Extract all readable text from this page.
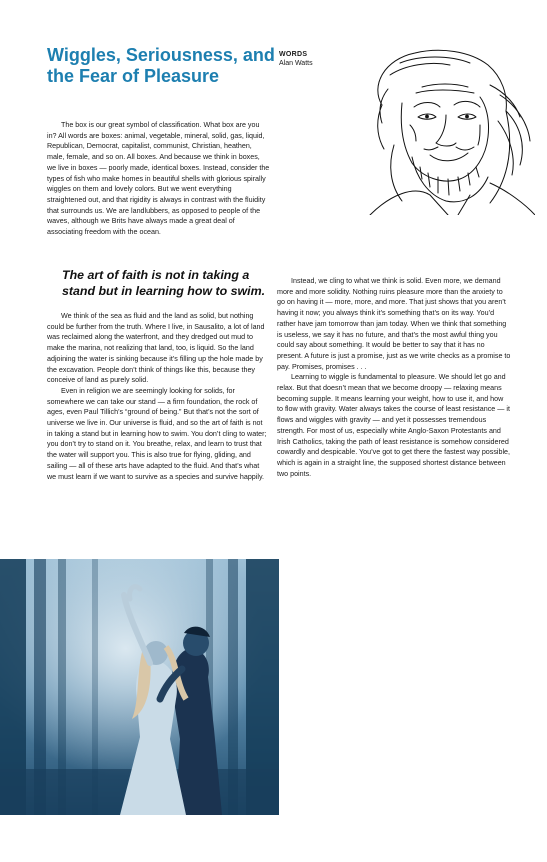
Wiggles, Seriousness, and the Fear of Pleasure
WORDS
Alan Watts

The box is our great symbol of classification. What box are you in? All words are boxes: animal, vegetable, mineral, solid, gas, liquid, Republican, Democrat, capitalist, communist, Christian, heathen, male, female, and so on. All boxes. And because we think in boxes, we live in boxes — poorly made, identical boxes. Instead, consider the types of fish who make homes in beautiful shells with glorious spirally wiggles on them and lovely colors. But we went everything straightened out, and that rigidity is always in contrast with the fluidity that surrounds us. We are landlubbers, as opposed to people of the waves, although we Brits have always made a great deal of associating freedom with the ocean.

The art of faith is not in taking a stand but in learning how to swim.

We think of the sea as fluid and the land as solid, but nothing could be further from the truth. Where I live, in Sausalito, a lot of land was reclaimed along the waterfront, and they dredged out mud to make the marina, not realizing that land, too, is liquid. So the land adjoining the water is sinking because it’s filling up the hole made by the excavation. People don’t think of things like this, because they conceive of land as purely solid.

Even in religion we are seemingly looking for solids, for somewhere we can take our stand — a firm foundation, the rock of ages, even Paul Tillich’s “ground of being.” But that’s not the sort of universe we live in. Our universe is fluid, and so the art of faith is not in taking a stand but in learning how to swim. You don’t cling to water; you don’t try to stand on it. You breathe, relax, and learn to trust that the water will support you. This is also true for flying, gliding, and sailing — all of these arts have adapted to the fluid. And that’s what we must learn if we want to survive as a species and survive happily.

Instead, we cling to what we think is solid. Even more, we demand more and more solidity. Nothing ruins pleasure more than the anxiety to go on having it — more, more, and more. That just shows that you aren’t having it now; you always think it’s something that’s on its way. You’d rather have jam tomorrow than jam today. When we think that something is useless, we say it has no future, and that’s the most awful thing you could say about something. It would be better to say that it has no present. A future is just a promise, just as we write checks as a promise to pay. Promises, promises . . .

Learning to wiggle is fundamental to pleasure. We should let go and relax. But that doesn’t mean that we become droopy — relaxing means becoming supple. It means learning your weight, how to use it, and how to flow with gravity. Water always takes the course of least resistance — it flows and wiggles with gravity — and yet it possesses tremendous strength. For most of us, especially white Anglo-Saxon Protestants and Irish Catholics, taking the path of least resistance is somehow considered cowardly and despicable. You’ve got to get there the fastest way possible, which is again in a straight line, the supposed shortest distance between two points.
